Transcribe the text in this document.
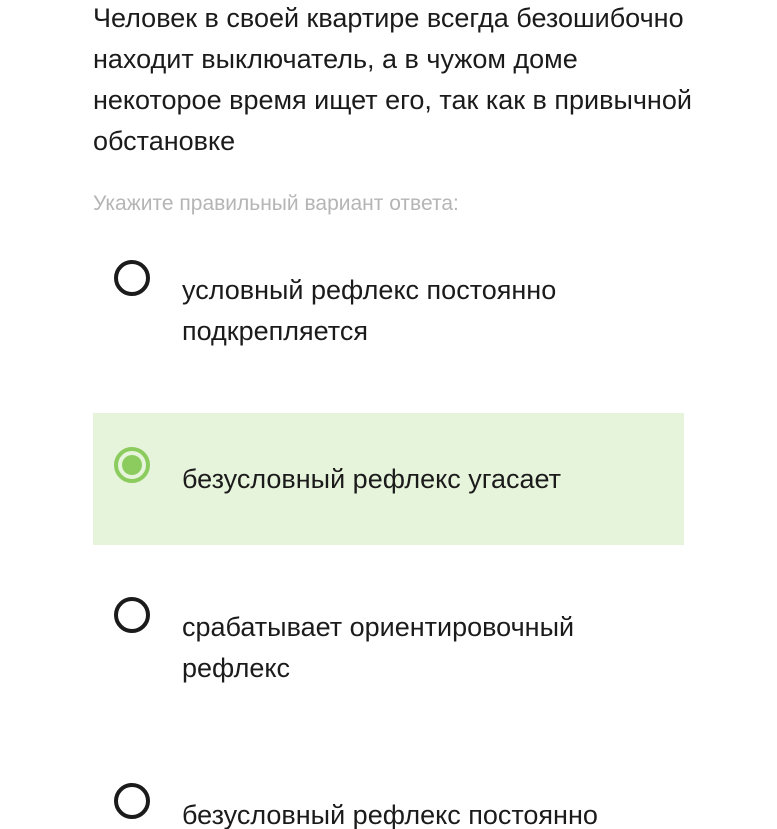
Человек в своей квартире всегда безошибочно находит выключатель, а в чужом доме некоторое время ищет его, так как в привычной обстановке
Укажите правильный вариант ответа:
условный рефлекс постоянно подкрепляется
безусловный рефлекс угасает
срабатывает ориентировочный рефлекс
безусловный рефлекс постоянно
